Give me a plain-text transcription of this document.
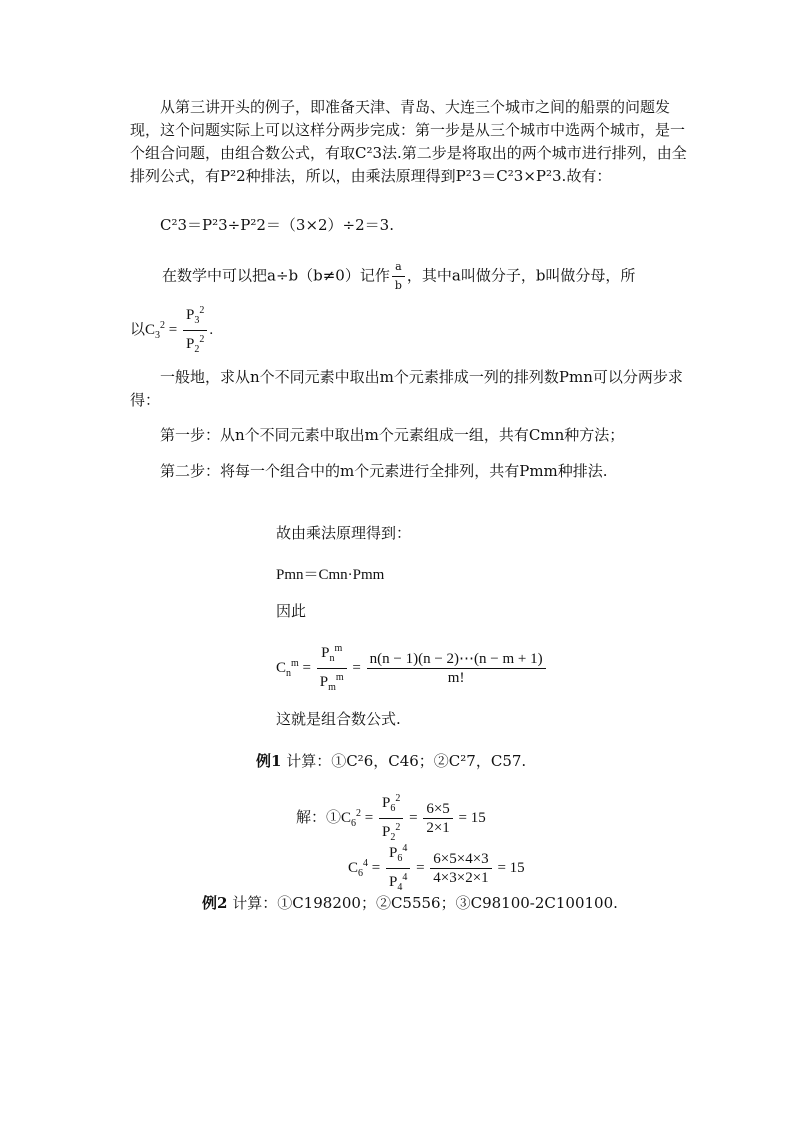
从第三讲开头的例子，即准备天津、青岛、大连三个城市之间的船票的问题发现，这个问题实际上可以这样分两步完成：第一步是从三个城市中选两个城市，是一个组合问题，由组合数公式，有取C²3法.第二步是将取出的两个城市进行排列，由全排列公式，有P²2种排法，所以，由乘法原理得到P²3＝C²3×P²3.故有：
C²3＝P²3÷P²2＝（3×2）÷2＝3.
在数学中可以把a÷b（b≠0）记作 $\frac{a}{b}$ ，其中a叫做分子，b叫做分母，所
以$C_3^2 = \frac{P_3^2}{P_2^2}$ .
一般地，求从n个不同元素中取出m个元素排成一列的排列数Pmn可以分两步求得：
第一步：从n个不同元素中取出m个元素组成一组，共有Cmn种方法；
第二步：将每一个组合中的m个元素进行全排列，共有Pmm种排法.
故由乘法原理得到：
Pmn＝Cmn·Pmm
因此
$C_n^m = \frac{P_n^m}{P_m^m} = \frac{n(n - 1)(n - 2)\cdots(n - m + 1)}{m!}$
这就是组合数公式.
例1 计算：①C²6，C46；②C²7，C57.
解：$①C_6^2 = \frac{P_6^2}{P_2^2} = \frac{6\times 5}{2\times 1} = 15$
$C_6^4 = \frac{P_6^4}{P_4^4} = \frac{6\times 5\times 4\times 3}{4\times 3\times 2\times 1} = 15$
例2 计算：①C198200；②C5556；③C98100-2C100100.
